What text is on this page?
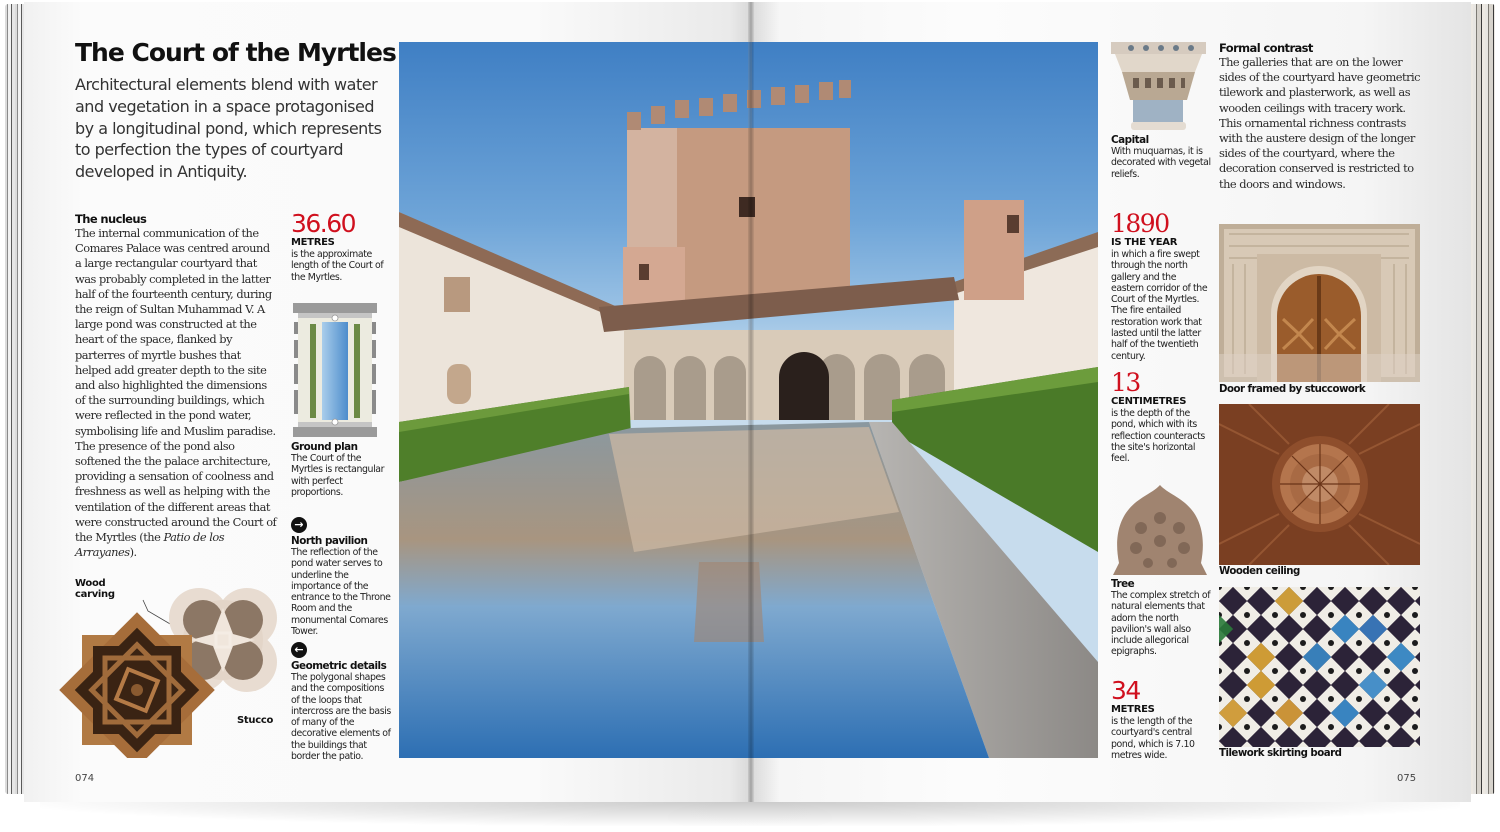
The Court of the Myrtles

Architectural elements blend with water and vegetation in a space protagonised by a longitudinal pond, which represents to perfection the types of courtyard developed in Antiquity.

The nucleus

The internal communication of the Comares Palace was centred around a large rectangular courtyard that was probably completed in the latter half of the fourteenth century, during the reign of Sultan Muhammad V. A large pond was constructed at the heart of the space, flanked by parterres of myrtle bushes that helped add greater depth to the site and also highlighted the dimensions of the surrounding buildings, which were reflected in the pond water, symbolising life and Muslim paradise. The presence of the pond also softened the the palace architecture, providing a sensation of coolness and freshness as well as helping with the ventilation of the different areas that were constructed around the Court of the Myrtles (the Patio de los Arrayanes).

Wood carving
Stucco
36.60
METRES
is the approximate length of the Court of the Myrtles.
Ground plan
The Court of the Myrtles is rectangular with perfect proportions.
→
North pavilion
The reflection of the pond water serves to underline the importance of the entrance to the Throne Room and the monumental Comares Tower.
←
Geometric details
The polygonal shapes and the compositions of the loops that intercross are the basis of many of the decorative elements of the buildings that border the patio.
Capital
With muquarnas, it is decorated with vegetal reliefs.
1890
IS THE YEAR
in which a fire swept through the north gallery and the eastern corridor of the Court of the Myrtles. The fire entailed restoration work that lasted until the latter half of the twentieth century.
13
CENTIMETRES
is the depth of the pond, which with its reflection counteracts the site's horizontal feel.
Tree
The complex stretch of natural elements that adorn the north pavilion's wall also include allegorical epigraphs.
34
METRES
is the length of the courtyard's central pond, which is 7.10 metres wide.
Formal contrast

The galleries that are on the lower sides of the courtyard have geometric tilework and plasterwork, as well as wooden ceilings with tracery work. This ornamental richness contrasts with the austere design of the longer sides of the courtyard, where the decoration conserved is restricted to the doors and windows.

Door framed by stuccowork
Wooden ceiling
Tilework skirting board
074	075
